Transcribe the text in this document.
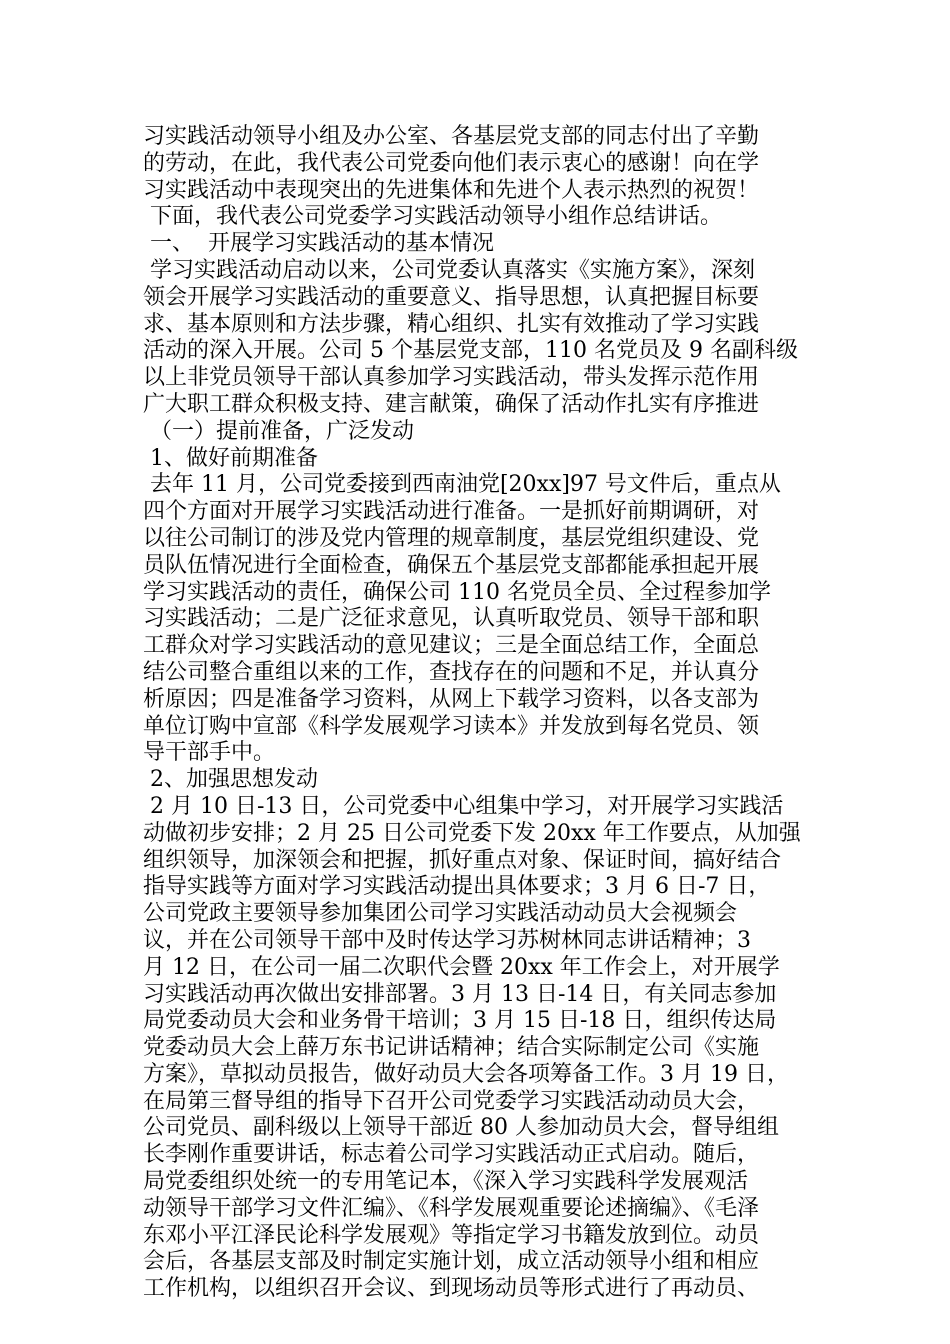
习实践活动领导小组及办公室、各基层党支部的同志付出了辛勤
的劳动，在此，我代表公司党委向他们表示衷心的感谢！向在学
习实践活动中表现突出的先进集体和先进个人表示热烈的祝贺！
下面，我代表公司党委学习实践活动领导小组作总结讲话。
一、  开展学习实践活动的基本情况
学习实践活动启动以来，公司党委认真落实《实施方案》，深刻
领会开展学习实践活动的重要意义、指导思想，认真把握目标要
求、基本原则和方法步骤，精心组织、扎实有效推动了学习实践
活动的深入开展。公司 5 个基层党支部，110 名党员及 9 名副科级
以上非党员领导干部认真参加学习实践活动，带头发挥示范作用
广大职工群众积极支持、建言献策，确保了活动作扎实有序推进
（一）提前准备，广泛发动
1、做好前期准备
去年 11 月，公司党委接到西南油党[20xx]97 号文件后，重点从
四个方面对开展学习实践活动进行准备。一是抓好前期调研，对
以往公司制订的涉及党内管理的规章制度，基层党组织建设、党
员队伍情况进行全面检查，确保五个基层党支部都能承担起开展
学习实践活动的责任，确保公司 110 名党员全员、全过程参加学
习实践活动；二是广泛征求意见，认真听取党员、领导干部和职
工群众对学习实践活动的意见建议；三是全面总结工作，全面总
结公司整合重组以来的工作，查找存在的问题和不足，并认真分
析原因；四是准备学习资料，从网上下载学习资料，以各支部为
单位订购中宣部《科学发展观学习读本》并发放到每名党员、领
导干部手中。
2、加强思想发动
2 月 10 日-13 日，公司党委中心组集中学习，对开展学习实践活
动做初步安排；2 月 25 日公司党委下发 20xx 年工作要点，从加强
组织领导，加深领会和把握，抓好重点对象、保证时间，搞好结合
指导实践等方面对学习实践活动提出具体要求；3 月 6 日-7 日，
公司党政主要领导参加集团公司学习实践活动动员大会视频会
议，并在公司领导干部中及时传达学习苏树林同志讲话精神；3
月 12 日，在公司一届二次职代会暨 20xx 年工作会上，对开展学
习实践活动再次做出安排部署。3 月 13 日-14 日，有关同志参加
局党委动员大会和业务骨干培训；3 月 15 日-18 日，组织传达局
党委动员大会上薛万东书记讲话精神；结合实际制定公司《实施
方案》，草拟动员报告，做好动员大会各项筹备工作。3 月 19 日，
在局第三督导组的指导下召开公司党委学习实践活动动员大会，
公司党员、副科级以上领导干部近 80 人参加动员大会，督导组组
长李刚作重要讲话，标志着公司学习实践活动正式启动。随后，
局党委组织处统一的专用笔记本，《深入学习实践科学发展观活
动领导干部学习文件汇编》、《科学发展观重要论述摘编》、《毛泽
东邓小平江泽民论科学发展观》等指定学习书籍发放到位。动员
会后，各基层支部及时制定实施计划，成立活动领导小组和相应
工作机构，以组织召开会议、到现场动员等形式进行了再动员、
